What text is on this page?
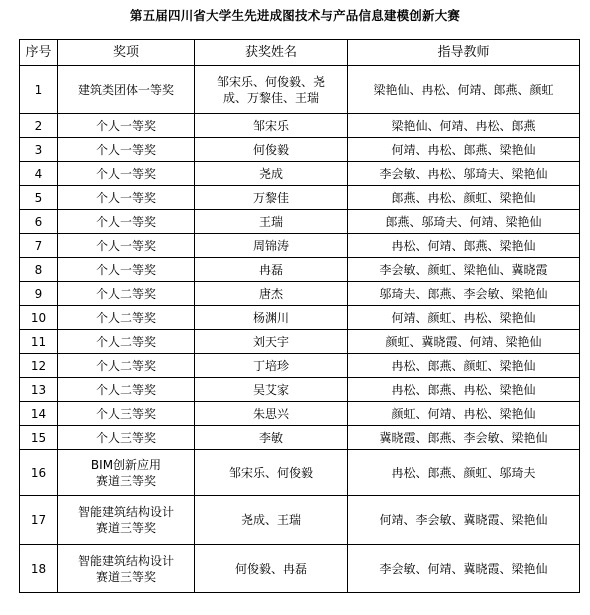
第五届四川省大学生先进成图技术与产品信息建模创新大赛
序号	奖项	获奖姓名	指导教师
1	建筑类团体一等奖	邹宋乐、何俊毅、尧成、万黎佳、王瑞	梁艳仙、冉松、何靖、郎燕、颜虹
2	个人一等奖	邹宋乐	梁艳仙、何靖、冉松、郎燕
3	个人一等奖	何俊毅	何靖、冉松、郎燕、梁艳仙
4	个人一等奖	尧成	李会敏、冉松、邬琦夫、梁艳仙
5	个人一等奖	万黎佳	郎燕、冉松、颜虹、梁艳仙
6	个人一等奖	王瑞	郎燕、邬琦夫、何靖、梁艳仙
7	个人一等奖	周锦涛	冉松、何靖、郎燕、梁艳仙
8	个人一等奖	冉磊	李会敏、颜虹、梁艳仙、冀晓霞
9	个人二等奖	唐杰	邬琦夫、郎燕、李会敏、梁艳仙
10	个人二等奖	杨渊川	何靖、颜虹、冉松、梁艳仙
11	个人二等奖	刘天宇	颜虹、冀晓霞、何靖、梁艳仙
12	个人二等奖	丁培珍	冉松、郎燕、颜虹、梁艳仙
13	个人二等奖	吴艾家	冉松、郎燕、冉松、梁艳仙
14	个人三等奖	朱思兴	颜虹、何靖、冉松、梁艳仙
15	个人三等奖	李敏	冀晓霞、郎燕、李会敏、梁艳仙
16	BIM创新应用
赛道三等奖	邹宋乐、何俊毅	冉松、郎燕、颜虹、邬琦夫
17	智能建筑结构设计
赛道三等奖	尧成、王瑞	何靖、李会敏、冀晓霞、梁艳仙
18	智能建筑结构设计
赛道三等奖	何俊毅、冉磊	李会敏、何靖、冀晓霞、梁艳仙
